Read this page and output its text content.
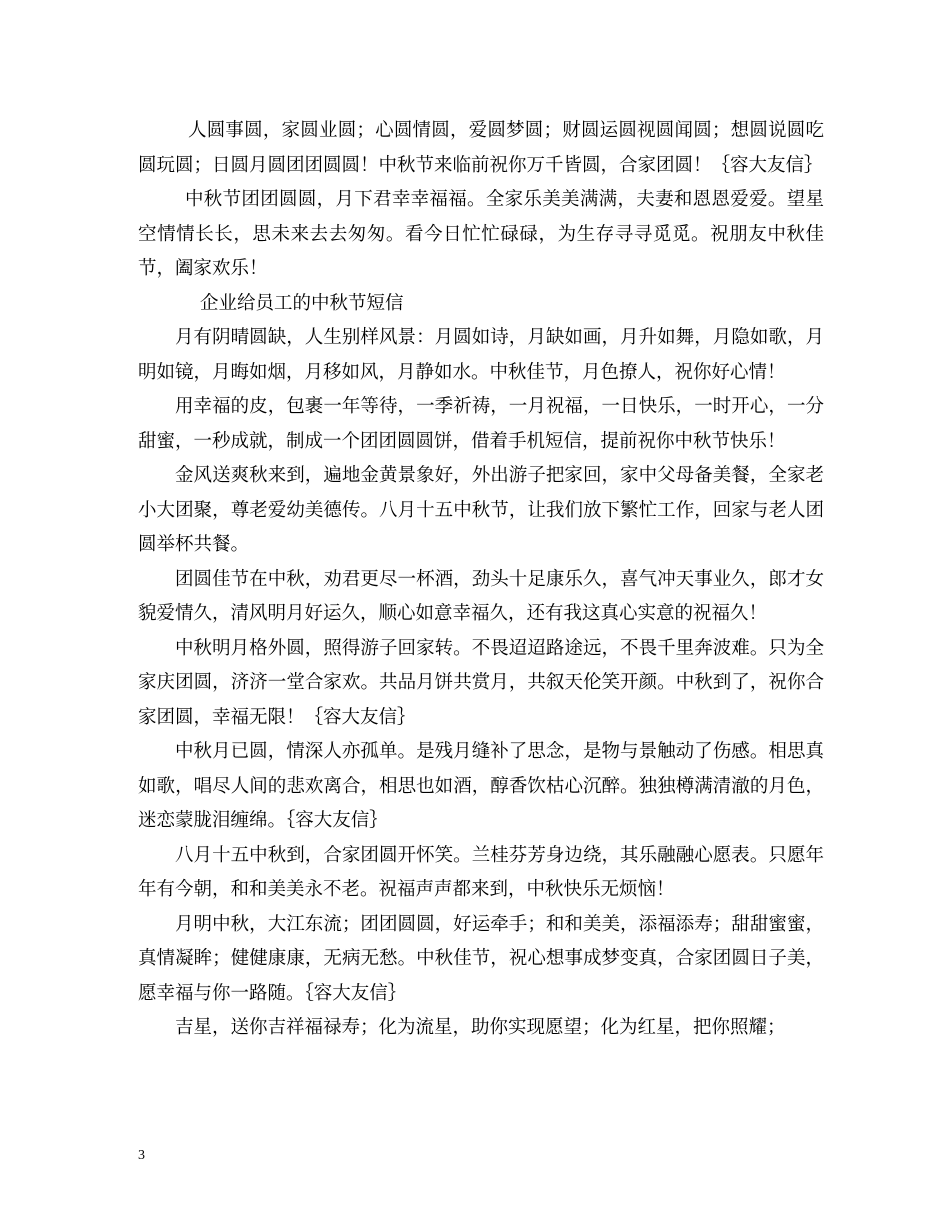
人圆事圆，家圆业圆；心圆情圆，爱圆梦圆；财圆运圆视圆闻圆；想圆说圆吃圆玩圆；日圆月圆团团圆圆！中秋节来临前祝你万千皆圆，合家团圆！｛容大友信｝

中秋节团团圆圆，月下君幸幸福福。全家乐美美满满，夫妻和恩恩爱爱。望星空情情长长，思未来去去匆匆。看今日忙忙碌碌，为生存寻寻觅觅。祝朋友中秋佳节，阖家欢乐！

企业给员工的中秋节短信

月有阴晴圆缺，人生别样风景：月圆如诗，月缺如画，月升如舞，月隐如歌，月明如镜，月晦如烟，月移如风，月静如水。中秋佳节，月色撩人，祝你好心情！

用幸福的皮，包裹一年等待，一季祈祷，一月祝福，一日快乐，一时开心，一分甜蜜，一秒成就，制成一个团团圆圆饼，借着手机短信，提前祝你中秋节快乐！

金风送爽秋来到，遍地金黄景象好，外出游子把家回，家中父母备美餐，全家老小大团聚，尊老爱幼美德传。八月十五中秋节，让我们放下繁忙工作，回家与老人团圆举杯共餐。

团圆佳节在中秋，劝君更尽一杯酒，劲头十足康乐久，喜气冲天事业久，郎才女貌爱情久，清风明月好运久，顺心如意幸福久，还有我这真心实意的祝福久！

中秋明月格外圆，照得游子回家转。不畏迢迢路途远，不畏千里奔波难。只为全家庆团圆，济济一堂合家欢。共品月饼共赏月，共叙天伦笑开颜。中秋到了，祝你合家团圆，幸福无限！｛容大友信｝

中秋月已圆，情深人亦孤单。是残月缝补了思念，是物与景触动了伤感。相思真如歌，唱尽人间的悲欢离合，相思也如酒，醇香饮枯心沉醉。独独樽满清澈的月色，迷恋蒙胧泪缠绵。｛容大友信｝

八月十五中秋到，合家团圆开怀笑。兰桂芬芳身边绕，其乐融融心愿表。只愿年年有今朝，和和美美永不老。祝福声声都来到，中秋快乐无烦恼！

月明中秋，大江东流；团团圆圆，好运牵手；和和美美，添福添寿；甜甜蜜蜜，真情凝眸；健健康康，无病无愁。中秋佳节，祝心想事成梦变真，合家团圆日子美，愿幸福与你一路随。｛容大友信｝

吉星，送你吉祥福禄寿；化为流星，助你实现愿望；化为红星，把你照耀；

3
